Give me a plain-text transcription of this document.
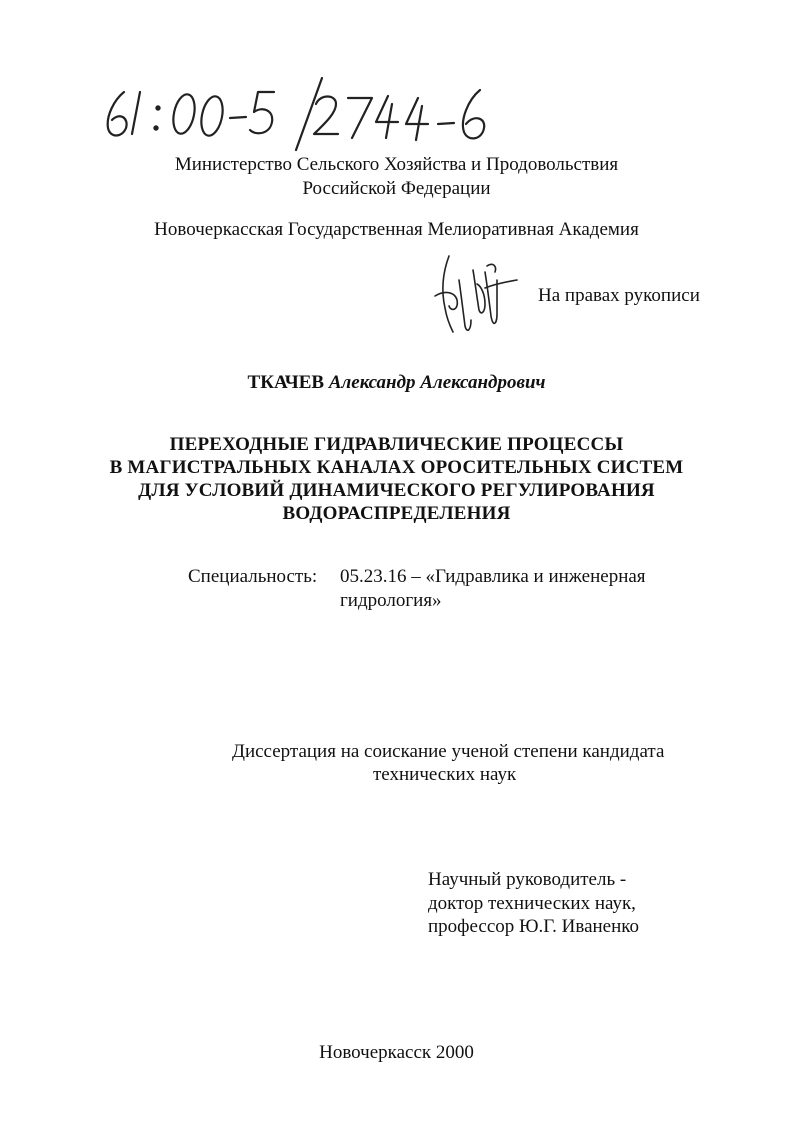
Министерство Сельского Хозяйства и Продовольствия
Российской Федерации
Новочеркасская Государственная Мелиоративная Академия
На правах рукописи
ТКАЧЕВ Александр Александрович
ПЕРЕХОДНЫЕ ГИДРАВЛИЧЕСКИЕ ПРОЦЕССЫ
В МАГИСТРАЛЬНЫХ КАНАЛАХ ОРОСИТЕЛЬНЫХ СИСТЕМ
ДЛЯ УСЛОВИЙ ДИНАМИЧЕСКОГО РЕГУЛИРОВАНИЯ
ВОДОРАСПРЕДЕЛЕНИЯ
Специальность: 05.23.16 – «Гидравлика и инженерная
гидрология»
Диссертация на соискание ученой степени кандидата
технических наук
Научный руководитель -
доктор технических наук,
профессор Ю.Г. Иваненко
Новочеркасск 2000
